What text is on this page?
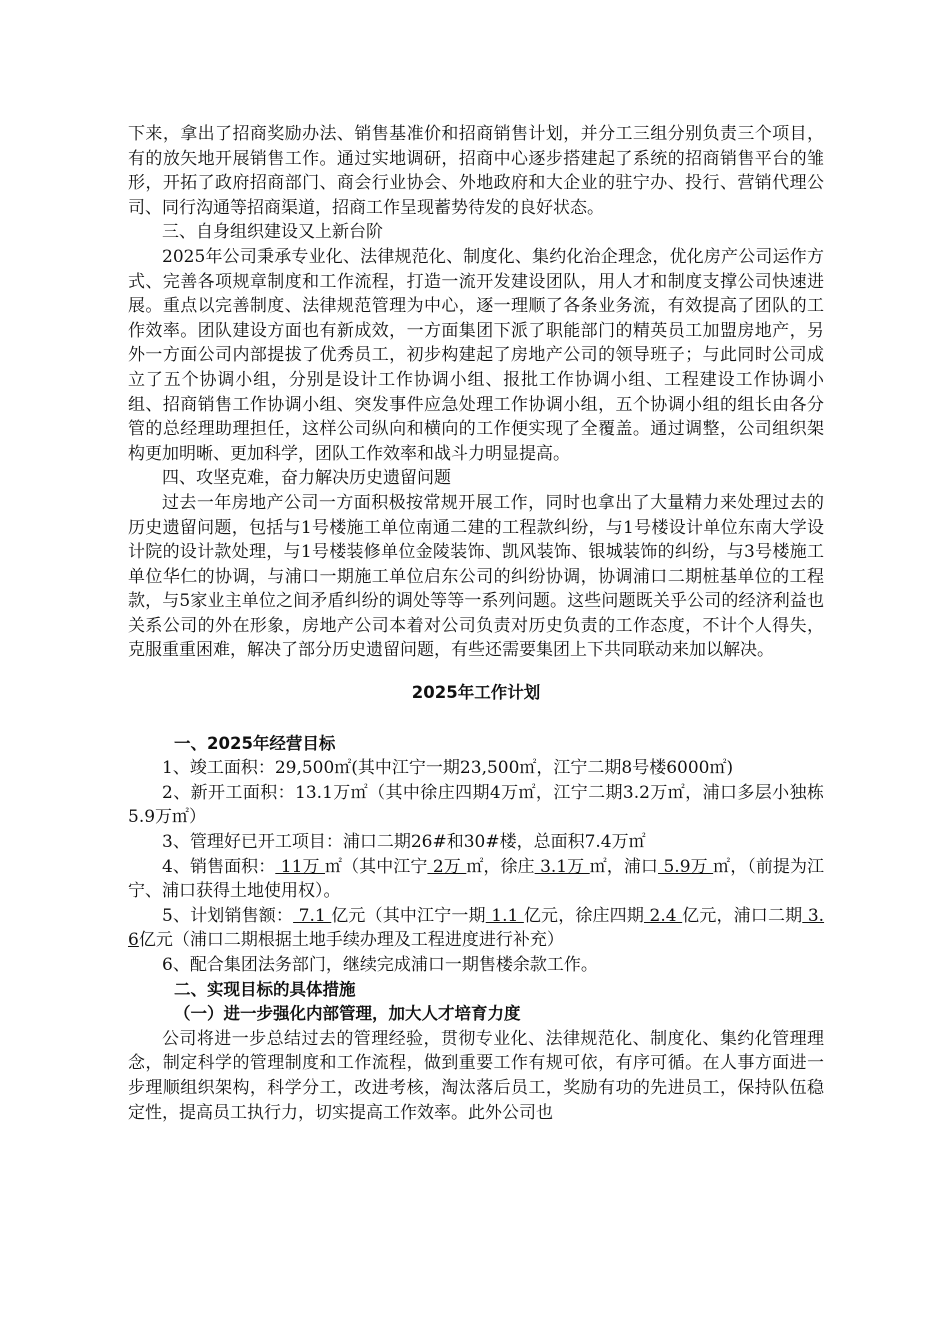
下来，拿出了招商奖励办法、销售基准价和招商销售计划，并分工三组分别负责三个项目，有的放矢地开展销售工作。通过实地调研，招商中心逐步搭建起了系统的招商销售平台的雏形，开拓了政府招商部门、商会行业协会、外地政府和大企业的驻宁办、投行、营销代理公司、同行沟通等招商渠道，招商工作呈现蓄势待发的良好状态。

三、自身组织建设又上新台阶

2025年公司秉承专业化、法律规范化、制度化、集约化治企理念，优化房产公司运作方式、完善各项规章制度和工作流程，打造一流开发建设团队，用人才和制度支撑公司快速进展。重点以完善制度、法律规范管理为中心，逐一理顺了各条业务流，有效提高了团队的工作效率。团队建设方面也有新成效，一方面集团下派了职能部门的精英员工加盟房地产，另外一方面公司内部提拔了优秀员工，初步构建起了房地产公司的领导班子；与此同时公司成立了五个协调小组，分别是设计工作协调小组、报批工作协调小组、工程建设工作协调小组、招商销售工作协调小组、突发事件应急处理工作协调小组，五个协调小组的组长由各分管的总经理助理担任，这样公司纵向和横向的工作便实现了全覆盖。通过调整，公司组织架构更加明晰、更加科学，团队工作效率和战斗力明显提高。

四、攻坚克难，奋力解决历史遗留问题

过去一年房地产公司一方面积极按常规开展工作，同时也拿出了大量精力来处理过去的历史遗留问题，包括与1号楼施工单位南通二建的工程款纠纷，与1号楼设计单位东南大学设计院的设计款处理，与1号楼装修单位金陵装饰、凯风装饰、银城装饰的纠纷，与3号楼施工单位华仁的协调，与浦口一期施工单位启东公司的纠纷协调，协调浦口二期桩基单位的工程款，与5家业主单位之间矛盾纠纷的调处等等一系列问题。这些问题既关乎公司的经济利益也关系公司的外在形象，房地产公司本着对公司负责对历史负责的工作态度，不计个人得失，克服重重困难，解决了部分历史遗留问题，有些还需要集团上下共同联动来加以解决。

2025年工作计划

一、2025年经营目标

1、竣工面积：29,500㎡(其中江宁一期23,500㎡，江宁二期8号楼6000㎡)

2、新开工面积：13.1万㎡（其中徐庄四期4万㎡，江宁二期3.2万㎡，浦口多层小独栋5.9万㎡）

3、管理好已开工项目：浦口二期26#和30#楼，总面积7.4万㎡

4、销售面积： 11万 ㎡（其中江宁 2万 ㎡，徐庄 3.1万 ㎡，浦口 5.9万 ㎡，（前提为江宁、浦口获得土地使用权）。

5、计划销售额： 7.1 亿元（其中江宁一期 1.1 亿元，徐庄四期 2.4 亿元，浦口二期 3.6亿元（浦口二期根据土地手续办理及工程进度进行补充）

6、配合集团法务部门，继续完成浦口一期售楼余款工作。

二、实现目标的具体措施

（一）进一步强化内部管理，加大人才培育力度

公司将进一步总结过去的管理经验，贯彻专业化、法律规范化、制度化、集约化管理理念，制定科学的管理制度和工作流程，做到重要工作有规可依，有序可循。在人事方面进一步理顺组织架构，科学分工，改进考核，淘汰落后员工，奖励有功的先进员工，保持队伍稳定性，提高员工执行力，切实提高工作效率。此外公司也
